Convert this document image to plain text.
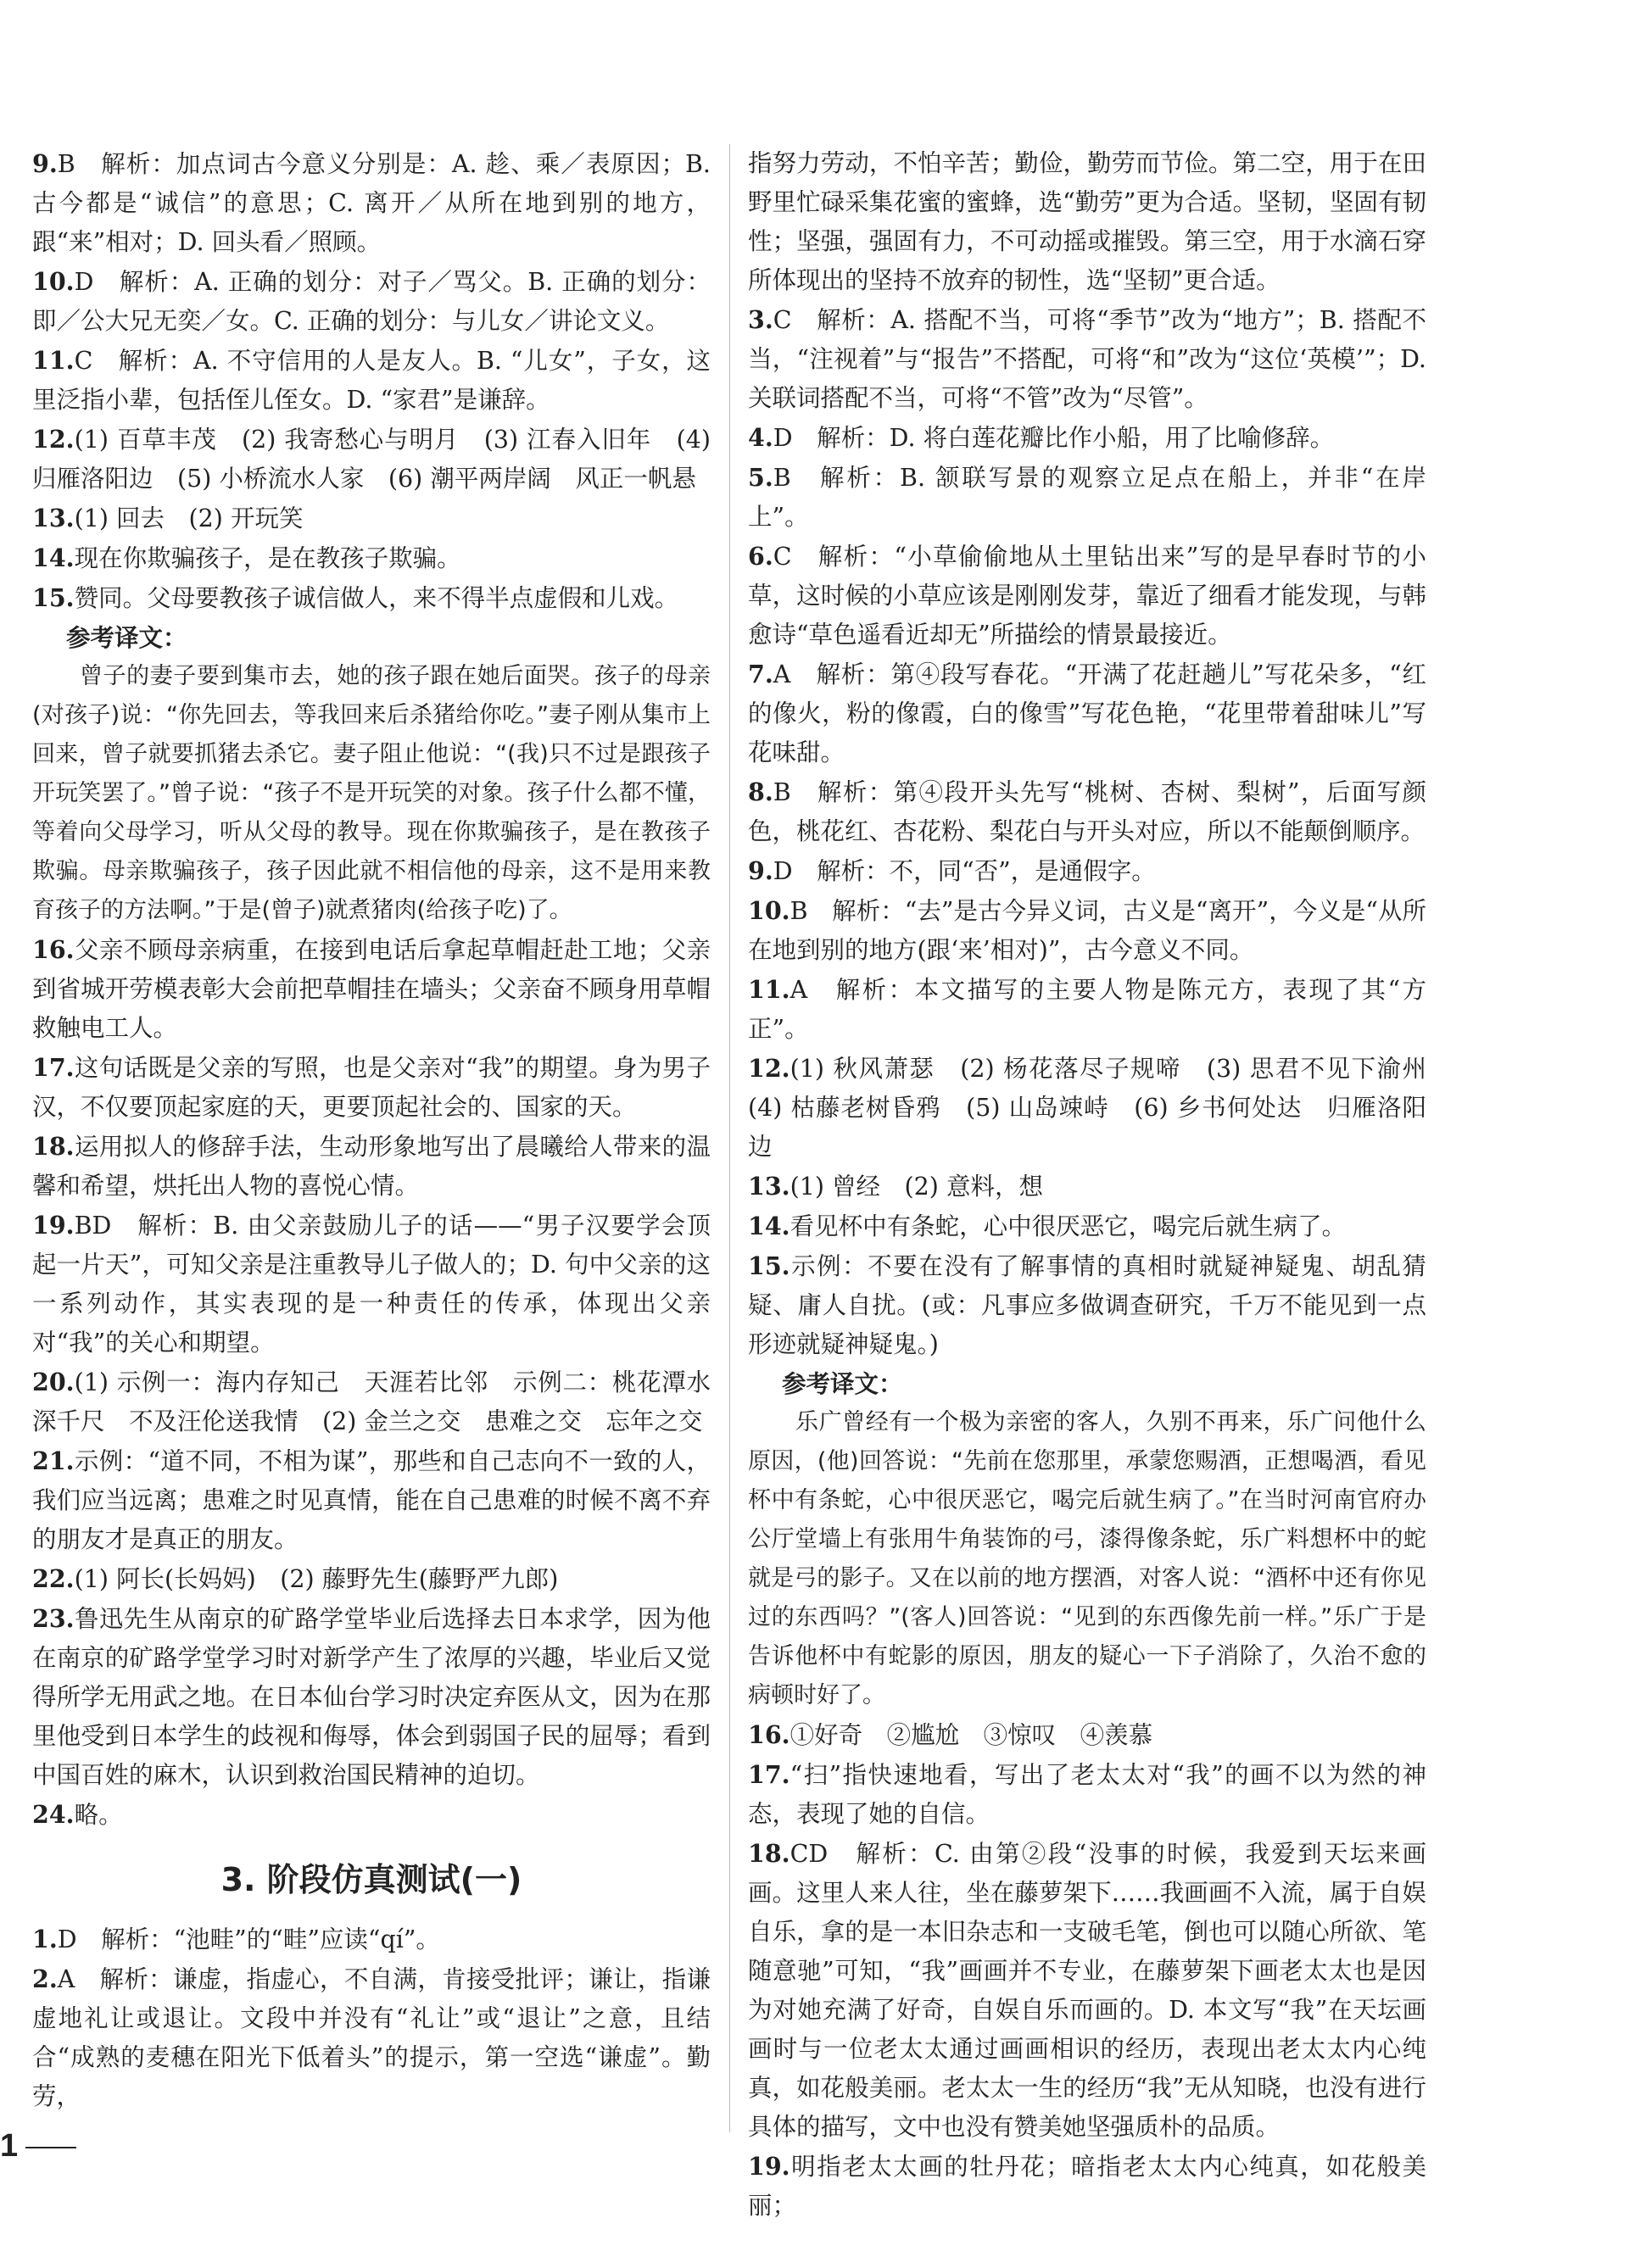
9.B　解析：加点词古今意义分别是：A. 趁、乘／表原因；B. 古今都是“诚信”的意思；C. 离开／从所在地到别的地方，跟“来”相对；D. 回头看／照顾。
10.D　解析：A. 正确的划分：对子／骂父。B. 正确的划分：即／公大兄无奕／女。C. 正确的划分：与儿女／讲论文义。
11.C　解析：A. 不守信用的人是友人。B. “儿女”，子女，这里泛指小辈，包括侄儿侄女。D. “家君”是谦辞。
12.(1) 百草丰茂　(2) 我寄愁心与明月　(3) 江春入旧年　(4) 归雁洛阳边　(5) 小桥流水人家　(6) 潮平两岸阔　风正一帆悬
13.(1) 回去　(2) 开玩笑
14.现在你欺骗孩子，是在教孩子欺骗。
15.赞同。父母要教孩子诚信做人，来不得半点虚假和儿戏。
参考译文：
曾子的妻子要到集市去，她的孩子跟在她后面哭。孩子的母亲(对孩子)说：“你先回去，等我回来后杀猪给你吃。”妻子刚从集市上回来，曾子就要抓猪去杀它。妻子阻止他说：“(我)只不过是跟孩子开玩笑罢了。”曾子说：“孩子不是开玩笑的对象。孩子什么都不懂，等着向父母学习，听从父母的教导。现在你欺骗孩子，是在教孩子欺骗。母亲欺骗孩子，孩子因此就不相信他的母亲，这不是用来教育孩子的方法啊。”于是(曾子)就煮猪肉(给孩子吃)了。
16.父亲不顾母亲病重，在接到电话后拿起草帽赶赴工地；父亲到省城开劳模表彰大会前把草帽挂在墙头；父亲奋不顾身用草帽救触电工人。
17.这句话既是父亲的写照，也是父亲对“我”的期望。身为男子汉，不仅要顶起家庭的天，更要顶起社会的、国家的天。
18.运用拟人的修辞手法，生动形象地写出了晨曦给人带来的温馨和希望，烘托出人物的喜悦心情。
19.BD　解析：B. 由父亲鼓励儿子的话——“男子汉要学会顶起一片天”，可知父亲是注重教导儿子做人的；D. 句中父亲的这一系列动作，其实表现的是一种责任的传承，体现出父亲对“我”的关心和期望。
20.(1) 示例一：海内存知己　天涯若比邻　示例二：桃花潭水深千尺　不及汪伦送我情　(2) 金兰之交　患难之交　忘年之交
21.示例：“道不同，不相为谋”，那些和自己志向不一致的人，我们应当远离；患难之时见真情，能在自己患难的时候不离不弃的朋友才是真正的朋友。
22.(1) 阿长(长妈妈)　(2) 藤野先生(藤野严九郎)
23.鲁迅先生从南京的矿路学堂毕业后选择去日本求学，因为他在南京的矿路学堂学习时对新学产生了浓厚的兴趣，毕业后又觉得所学无用武之地。在日本仙台学习时决定弃医从文，因为在那里他受到日本学生的歧视和侮辱，体会到弱国子民的屈辱；看到中国百姓的麻木，认识到救治国民精神的迫切。
24.略。
3. 阶段仿真测试(一)
1.D　解析：“池畦”的“畦”应读“qí”。
2.A　解析：谦虚，指虚心，不自满，肯接受批评；谦让，指谦虚地礼让或退让。文段中并没有“礼让”或“退让”之意，且结合“成熟的麦穗在阳光下低着头”的提示，第一空选“谦虚”。勤劳，
指努力劳动，不怕辛苦；勤俭，勤劳而节俭。第二空，用于在田野里忙碌采集花蜜的蜜蜂，选“勤劳”更为合适。坚韧，坚固有韧性；坚强，强固有力，不可动摇或摧毁。第三空，用于水滴石穿所体现出的坚持不放弃的韧性，选“坚韧”更合适。
3.C　解析：A. 搭配不当，可将“季节”改为“地方”；B. 搭配不当，“注视着”与“报告”不搭配，可将“和”改为“这位‘英模’”；D. 关联词搭配不当，可将“不管”改为“尽管”。
4.D　解析：D. 将白莲花瓣比作小船，用了比喻修辞。
5.B　解析：B. 颔联写景的观察立足点在船上，并非“在岸上”。
6.C　解析：“小草偷偷地从土里钻出来”写的是早春时节的小草，这时候的小草应该是刚刚发芽，靠近了细看才能发现，与韩愈诗“草色遥看近却无”所描绘的情景最接近。
7.A　解析：第④段写春花。“开满了花赶趟儿”写花朵多，“红的像火，粉的像霞，白的像雪”写花色艳，“花里带着甜味儿”写花味甜。
8.B　解析：第④段开头先写“桃树、杏树、梨树”，后面写颜色，桃花红、杏花粉、梨花白与开头对应，所以不能颠倒顺序。
9.D　解析：不，同“否”，是通假字。
10.B　解析：“去”是古今异义词，古义是“离开”，今义是“从所在地到别的地方(跟‘来’相对)”，古今意义不同。
11.A　解析：本文描写的主要人物是陈元方，表现了其“方正”。
12.(1) 秋风萧瑟　(2) 杨花落尽子规啼　(3) 思君不见下渝州　(4) 枯藤老树昏鸦　(5) 山岛竦峙　(6) 乡书何处达　归雁洛阳边
13.(1) 曾经　(2) 意料，想
14.看见杯中有条蛇，心中很厌恶它，喝完后就生病了。
15.示例：不要在没有了解事情的真相时就疑神疑鬼、胡乱猜疑、庸人自扰。(或：凡事应多做调查研究，千万不能见到一点形迹就疑神疑鬼。)
参考译文：
乐广曾经有一个极为亲密的客人，久别不再来，乐广问他什么原因，(他)回答说：“先前在您那里，承蒙您赐酒，正想喝酒，看见杯中有条蛇，心中很厌恶它，喝完后就生病了。”在当时河南官府办公厅堂墙上有张用牛角装饰的弓，漆得像条蛇，乐广料想杯中的蛇就是弓的影子。又在以前的地方摆酒，对客人说：“酒杯中还有你见过的东西吗？”(客人)回答说：“见到的东西像先前一样。”乐广于是告诉他杯中有蛇影的原因，朋友的疑心一下子消除了，久治不愈的病顿时好了。
16.①好奇　②尴尬　③惊叹　④羡慕
17.“扫”指快速地看，写出了老太太对“我”的画不以为然的神态，表现了她的自信。
18.CD　解析：C. 由第②段“没事的时候，我爱到天坛来画画。这里人来人往，坐在藤萝架下……我画画不入流，属于自娱自乐，拿的是一本旧杂志和一支破毛笔，倒也可以随心所欲、笔随意驰”可知，“我”画画并不专业，在藤萝架下画老太太也是因为对她充满了好奇，自娱自乐而画的。D. 本文写“我”在天坛画画时与一位老太太通过画画相识的经历，表现出老太太内心纯真，如花般美丽。老太太一生的经历“我”无从知晓，也没有进行具体的描写，文中也没有赞美她坚强质朴的品质。
19.明指老太太画的牡丹花；暗指老太太内心纯真，如花般美丽；
1
